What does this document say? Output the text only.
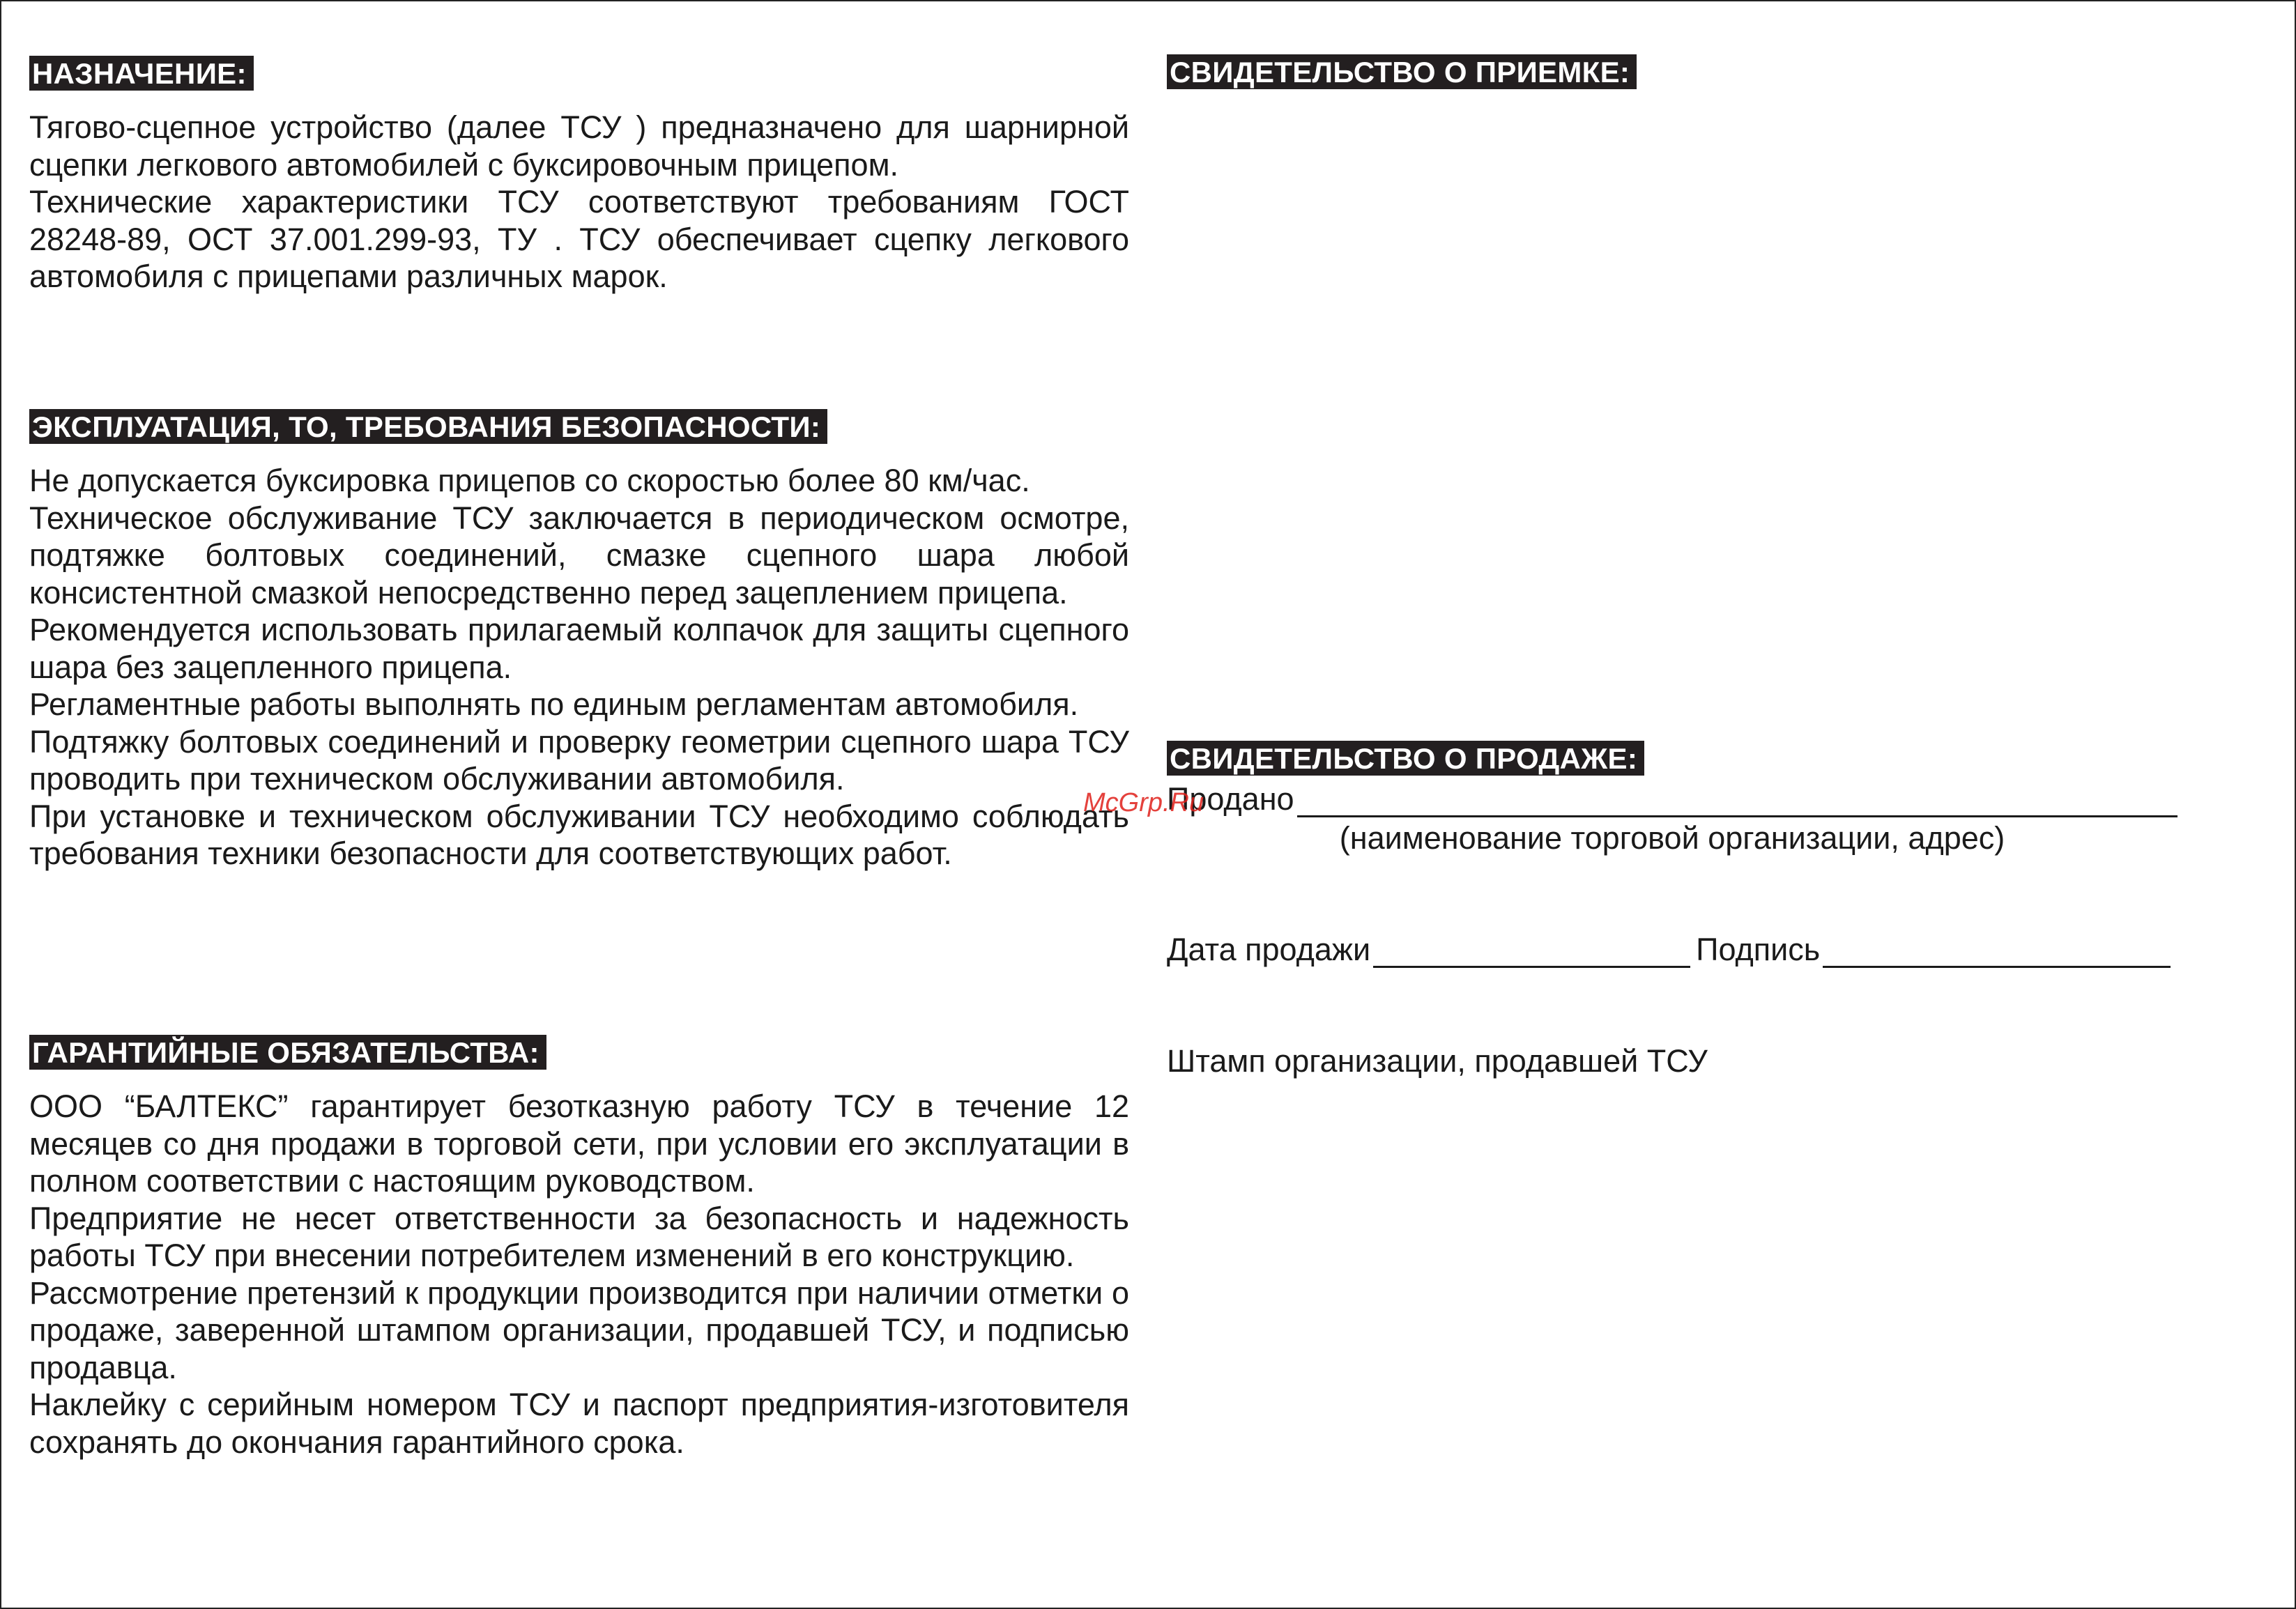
НАЗНАЧЕНИЕ:

Тягово-сцепное устройство (далее ТСУ ) предназначено для шарнирной сцепки легкового автомобилей с буксировочным прицепом.

Технические характеристики ТСУ соответствуют требованиям ГОСТ 28248-89, ОСТ 37.001.299-93, ТУ . ТСУ обеспечивает сцепку легкового автомобиля с прицепами различных марок.

ЭКСПЛУАТАЦИЯ, ТО, ТРЕБОВАНИЯ БЕЗОПАСНОСТИ:

Не допускается буксировка прицепов со скоростью более 80 км/час.

Техническое обслуживание ТСУ заключается в периодическом осмотре, подтяжке болтовых соединений, смазке сцепного шара любой консистентной смазкой непосредственно перед зацеплением прицепа.

Рекомендуется использовать прилагаемый колпачок для защиты сцепного шара без зацепленного прицепа.

Регламентные работы выполнять по единым регламентам автомобиля.

Подтяжку болтовых соединений и проверку геометрии сцепного шара ТСУ проводить при техническом обслуживании автомобиля.

При установке и техническом обслуживании ТСУ необходимо соблюдать требования техники безопасности для соответствующих работ.

ГАРАНТИЙНЫЕ ОБЯЗАТЕЛЬСТВА:

ООО “БАЛТЕКС” гарантирует безотказную работу ТСУ в течение 12 месяцев со дня продажи в торговой сети, при условии его эксплуатации в полном соответствии с настоящим руководством.

Предприятие не несет ответственности за безопасность и надежность работы ТСУ при внесении потребителем изменений в его конструкцию.

Рассмотрение претензий к продукции производится при наличии отметки о продаже, заверенной штампом организации, продавшей ТСУ, и подписью продавца.

Наклейку с серийным номером ТСУ и паспорт предприятия-изготовителя сохранять до окончания гарантийного срока.

СВИДЕТЕЛЬСТВО О ПРИЕМКЕ:
СВИДЕТЕЛЬСТВО О ПРОДАЖЕ:
Продано
(наименование торговой организации, адрес)
Дата продажи	Подпись
Штамп организации, продавшей ТСУ
McGrp.Ru
